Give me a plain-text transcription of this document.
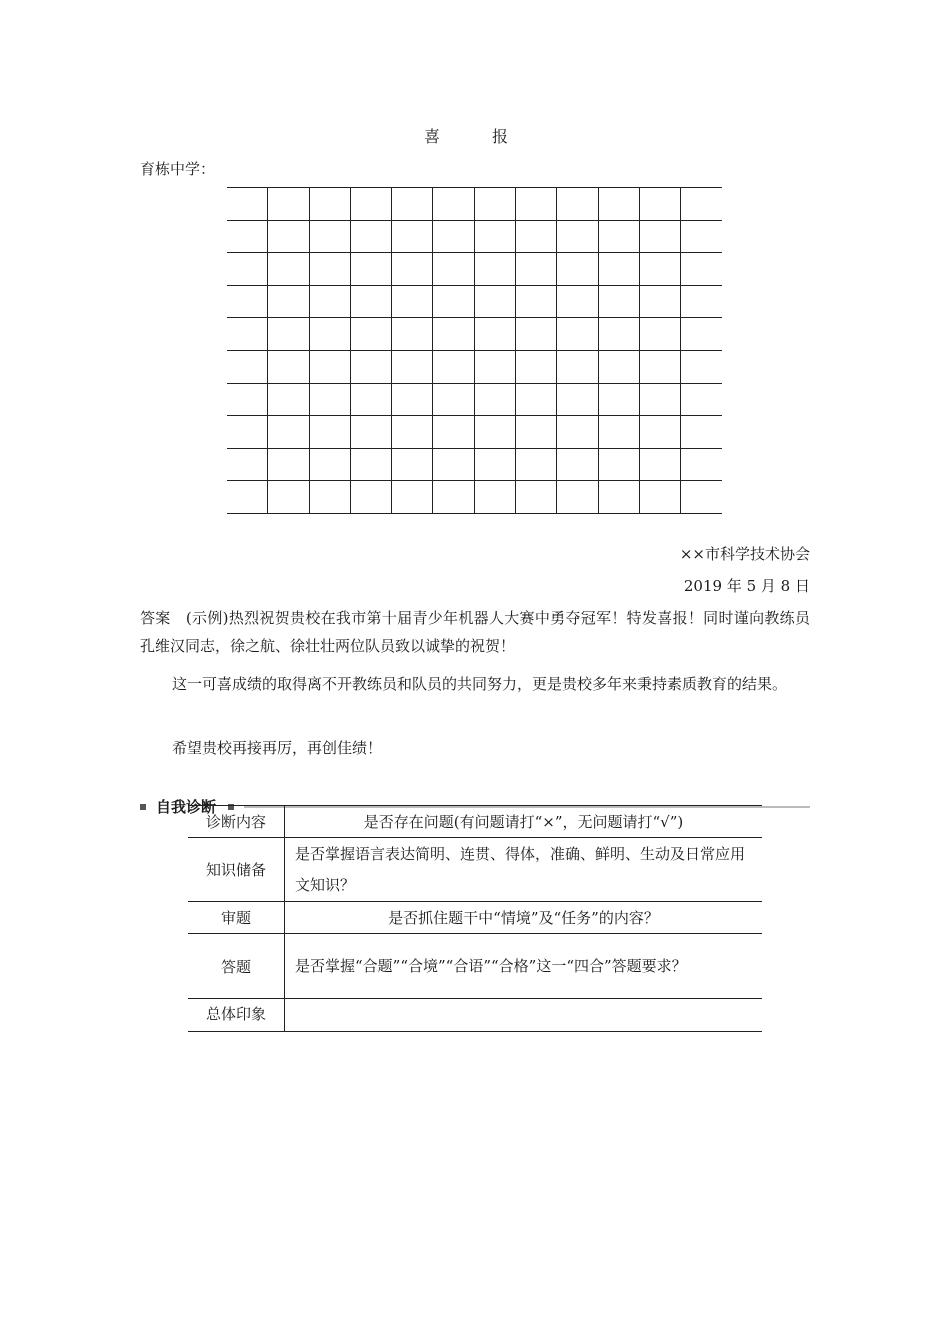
喜　报
育栋中学：

××市科学技术协会
2019 年 5 月 8 日
答案　(示例)热烈祝贺贵校在我市第十届青少年机器人大赛中勇夺冠军！特发喜报！同时谨向教练员孔维汉同志，徐之航、徐壮壮两位队员致以诚挚的祝贺！
这一可喜成绩的取得离不开教练员和队员的共同努力，更是贵校多年来秉持素质教育的结果。
希望贵校再接再厉，再创佳绩！
自我诊断
诊断内容	是否存在问题(有问题请打“×”，无问题请打“√”)
知识储备	是否掌握语言表达简明、连贯、得体，准确、鲜明、生动及日常应用文知识？
审题	是否抓住题干中“情境”及“任务”的内容？
答题	是否掌握“合题”“合境”“合语”“合格”这一“四合”答题要求？
总体印象	
